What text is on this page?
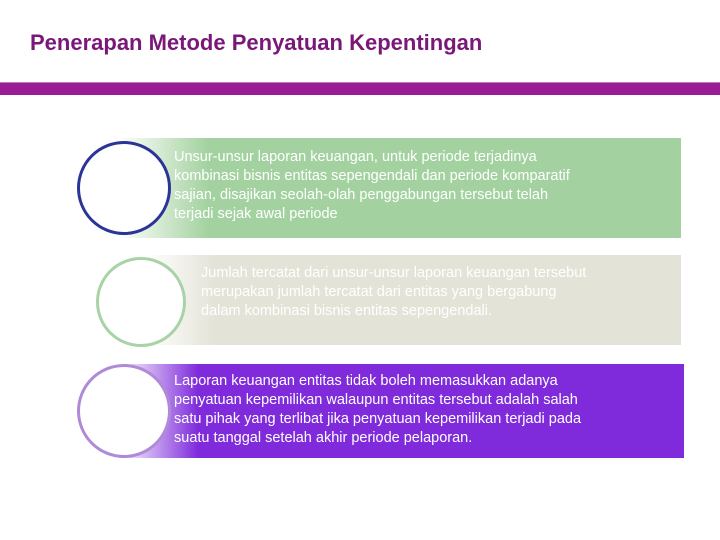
Penerapan Metode Penyatuan Kepentingan
Unsur-unsur laporan keuangan, untuk periode terjadinya
kombinasi bisnis entitas sepengendali dan periode komparatif
sajian, disajikan seolah-olah penggabungan tersebut telah
terjadi sejak awal periode
Jumlah tercatat dari unsur-unsur laporan keuangan tersebut
merupakan jumlah tercatat dari entitas yang bergabung
dalam kombinasi bisnis entitas sepengendali.
Laporan keuangan entitas tidak boleh memasukkan adanya
penyatuan kepemilikan walaupun entitas tersebut adalah salah
satu pihak yang terlibat jika penyatuan kepemilikan terjadi pada
suatu tanggal setelah akhir periode pelaporan.
